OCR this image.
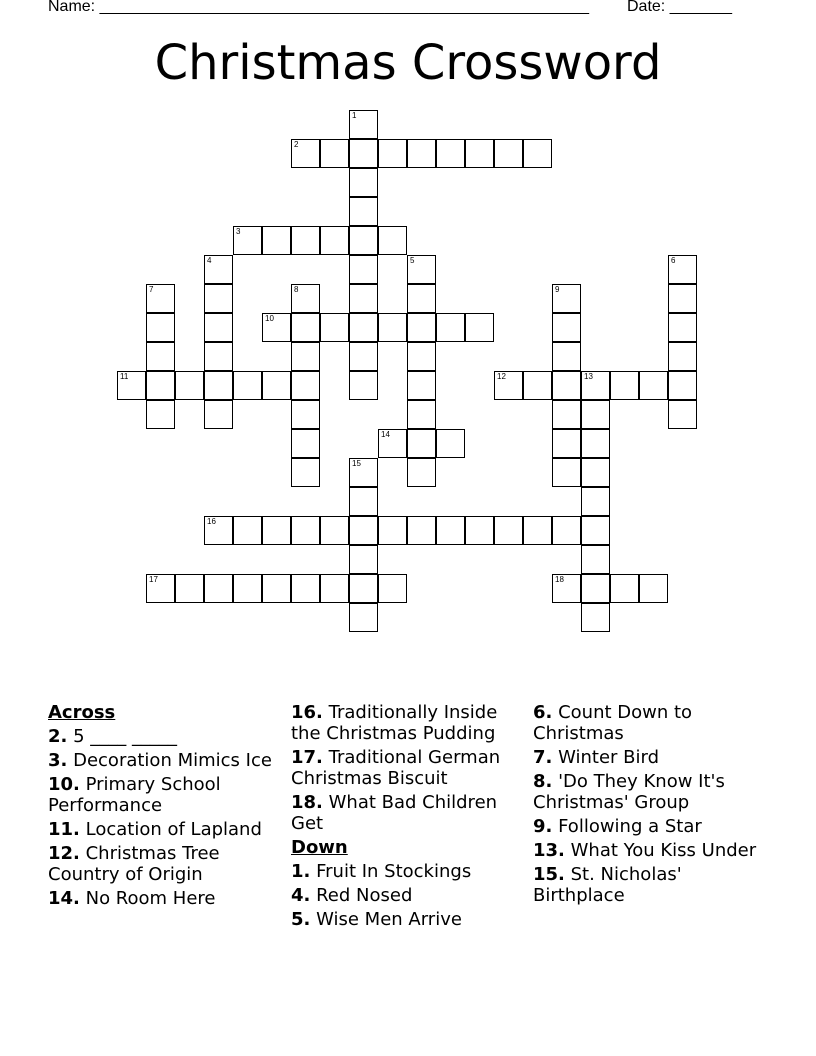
Name: _______________________________________________________ Date: _______
Christmas Crossword
1
2
3
4	5	6
7	8	9
10
11	12	13
14
15
16
17	18
Across
2. 5 ____ _____
3. Decoration Mimics Ice
10. Primary School Performance
11. Location of Lapland
12. Christmas Tree Country of Origin
14. No Room Here
16. Traditionally Inside the Christmas Pudding
17. Traditional German Christmas Biscuit
18. What Bad Children Get
Down
1. Fruit In Stockings
4. Red Nosed
5. Wise Men Arrive
6. Count Down to Christmas
7. Winter Bird
8. 'Do They Know It's Christmas' Group
9. Following a Star
13. What You Kiss Under
15. St. Nicholas' Birthplace
